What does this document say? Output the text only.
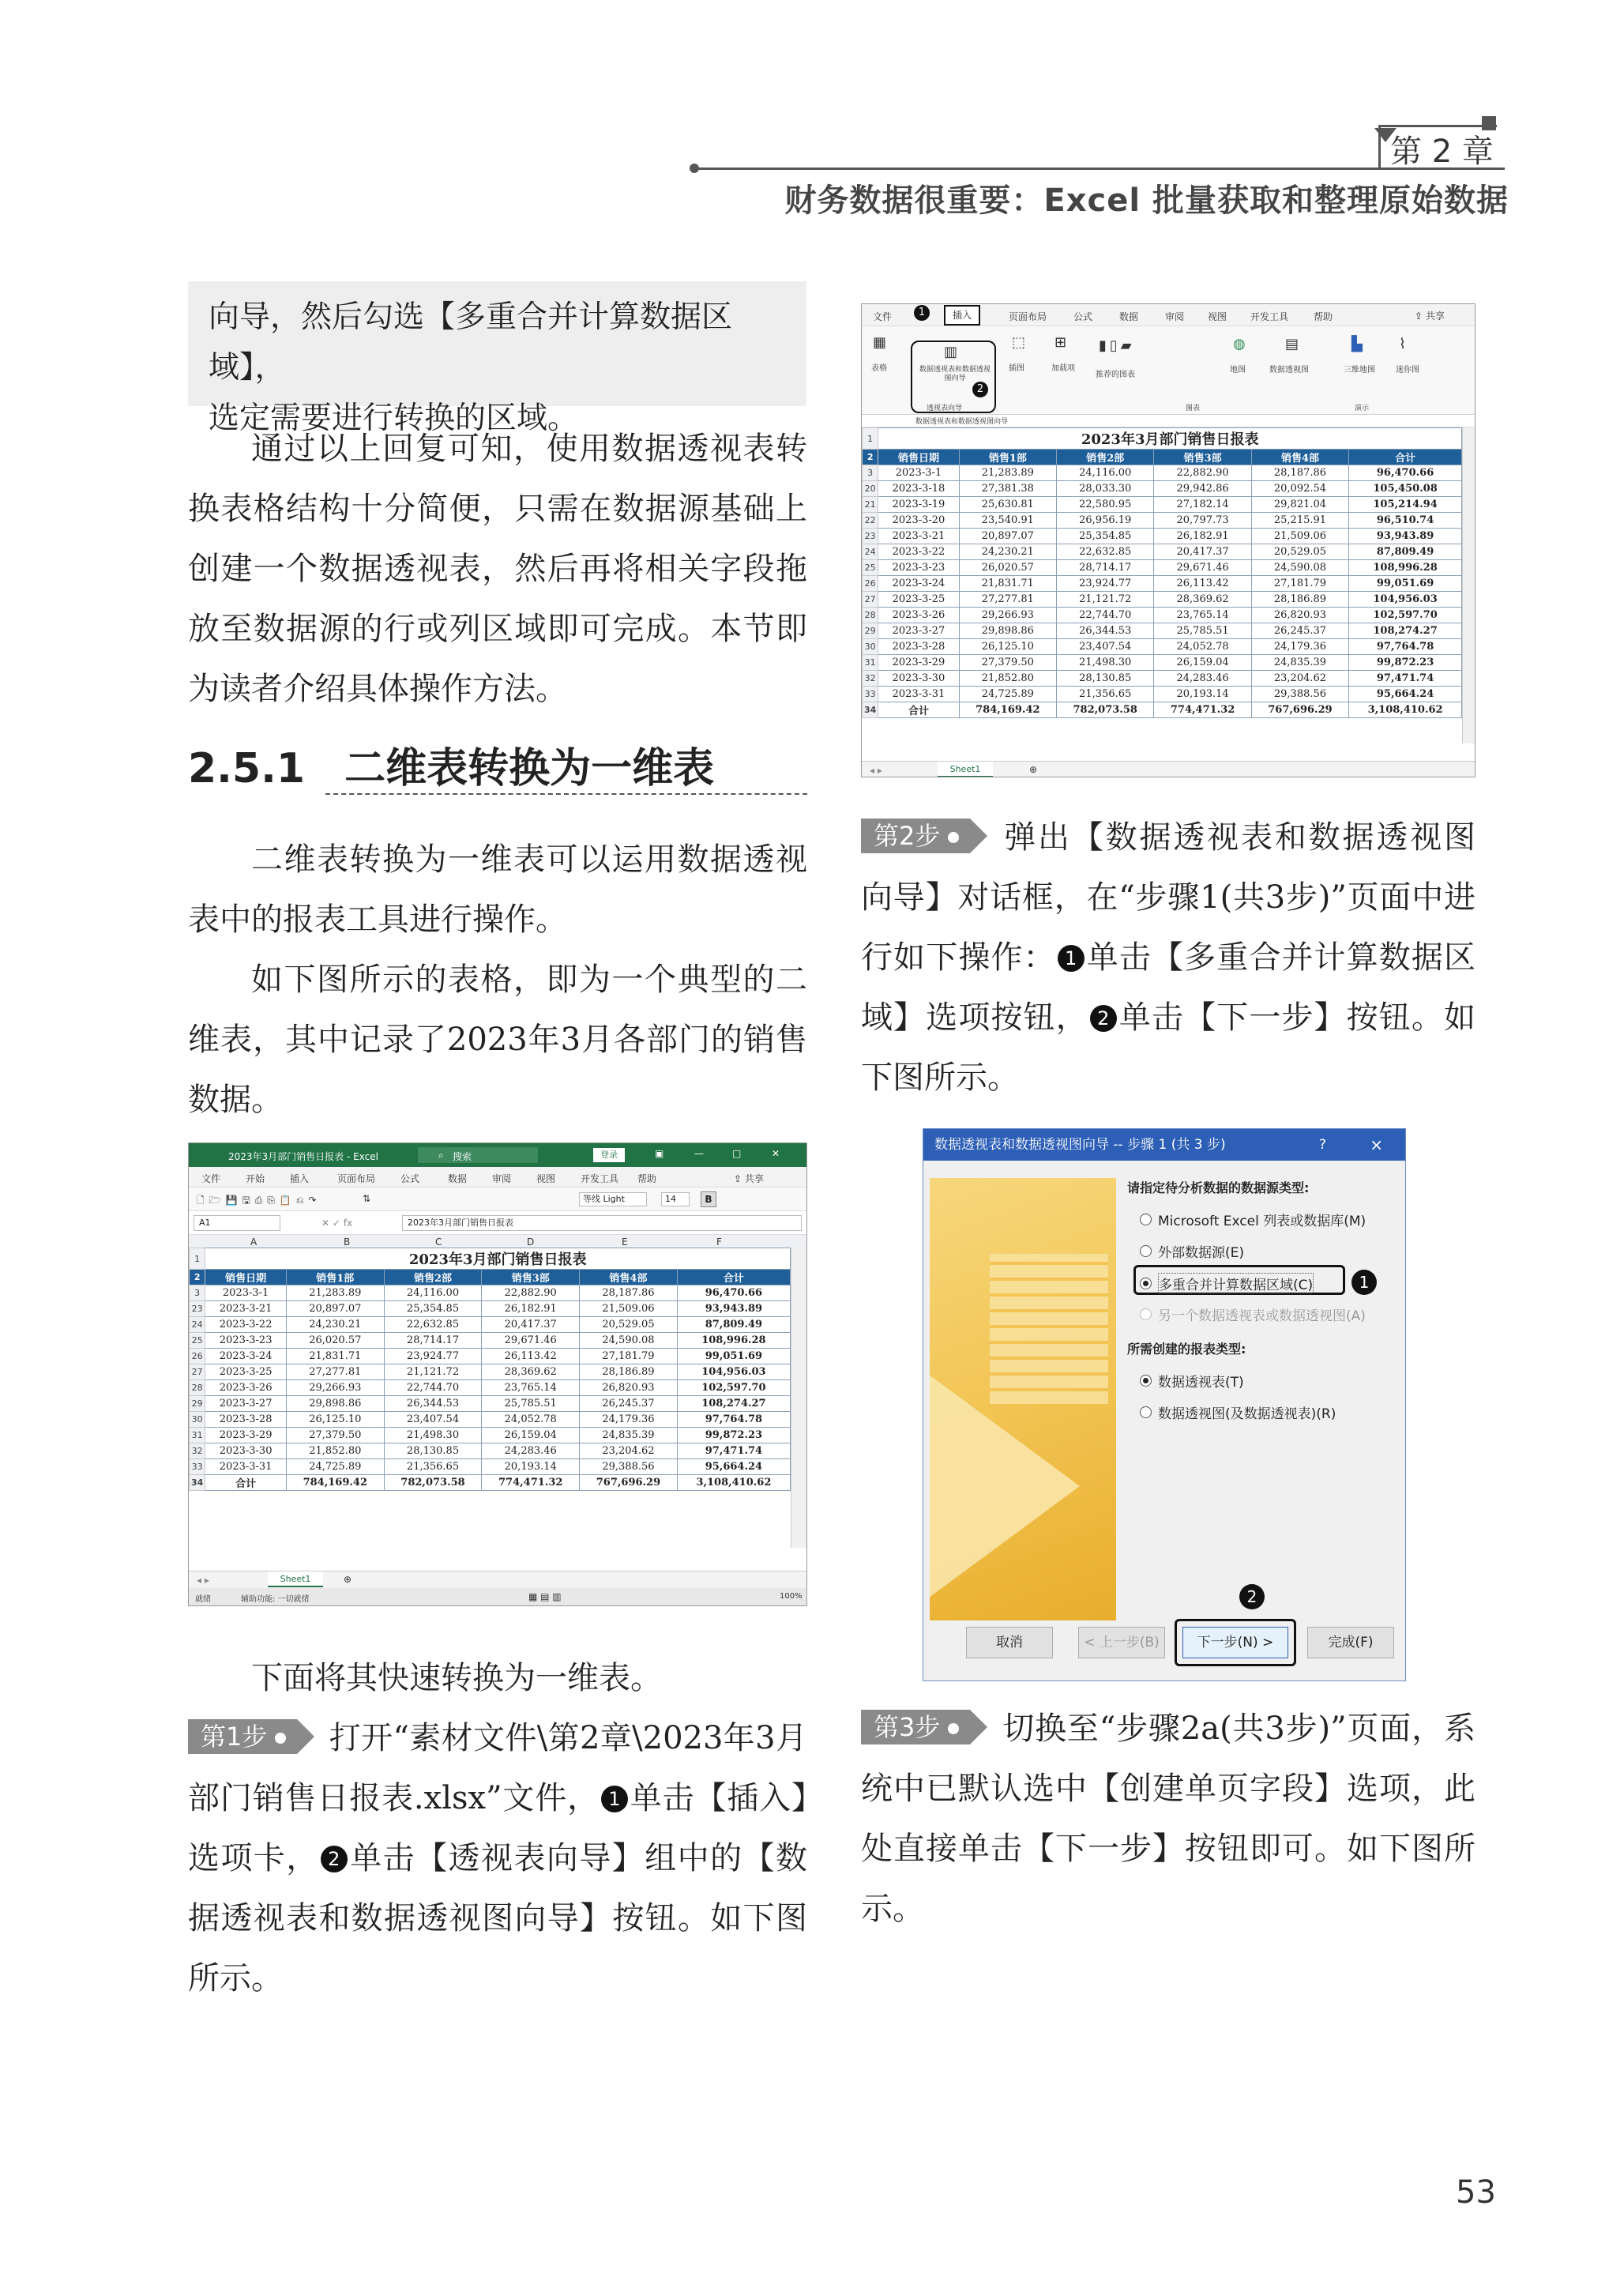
第 2 章
财务数据很重要：Excel 批量获取和整理原始数据
向导，然后勾选【多重合并计算数据区域】，
选定需要进行转换的区域。
通过以上回复可知，使用数据透视表转换表格结构十分简便，只需在数据源基础上创建一个数据透视表，然后再将相关字段拖放至数据源的行或列区域即可完成。本节即为读者介绍具体操作方法。
2.5.1 二维表转换为一维表
二维表转换为一维表可以运用数据透视表中的报表工具进行操作。
如下图所示的表格，即为一个典型的二维表，其中记录了2023年3月各部门的销售数据。
2023年3月部门销售日报表 - Excel	⌕ 搜索	登录	▣	—	□	✕
文件	开始	插入	页面布局	公式	数据	审阅	视图	开发工具 帮助	⇪ 共享
🗋🗁💾🖫⎙⎘📋⎌↷	⇅	等线 Light	14	B
A1	✕ ✓ fx	2023年3月部门销售日报表
A	B	C	D	E	F
1	2023年3月部门销售日报表					
2	销售日期	销售1部	销售2部	销售3部	销售4部	合计
3	2023-3-1	21,283.89	24,116.00	22,882.90	28,187.86	96,470.66
23	2023-3-21	20,897.07	25,354.85	26,182.91	21,509.06	93,943.89
24	2023-3-22	24,230.21	22,632.85	20,417.37	20,529.05	87,809.49
25	2023-3-23	26,020.57	28,714.17	29,671.46	24,590.08	108,996.28
26	2023-3-24	21,831.71	23,924.77	26,113.42	27,181.79	99,051.69
27	2023-3-25	27,277.81	21,121.72	28,369.62	28,186.89	104,956.03
28	2023-3-26	29,266.93	22,744.70	23,765.14	26,820.93	102,597.70
29	2023-3-27	29,898.86	26,344.53	25,785.51	26,245.37	108,274.27
30	2023-3-28	26,125.10	23,407.54	24,052.78	24,179.36	97,764.78
31	2023-3-29	27,379.50	21,498.30	26,159.04	24,835.39	99,872.23
32	2023-3-30	21,852.80	28,130.85	24,283.46	23,204.62	97,471.74
33	2023-3-31	24,725.89	21,356.65	20,193.14	29,388.56	95,664.24
34	合计	784,169.42	782,073.58	774,471.32	767,696.29	3,108,410.62
◂ ▸	Sheet1	⊕
就绪	辅助功能: 一切就绪	▦ ▤ ▥	100%
下面将其快速转换为一维表。
第1步 打开“素材文件\第2章\2023年3月部门销售日报表.xlsx”文件， 1 单击【插入】选项卡， 2 单击【透视表向导】组中的【数据透视表和数据透视图向导】按钮。如下图所示。
文件	1	插入	页面布局	公式	数据	审阅 视图 开发工具	帮助	⇪ 共享
▦
表格
▥
数据透视表和数据透视图向导
透视表向导
2
⬚
插图
⊞
加载项
▮▯▰
推荐的图表
◍
地图
▤
数据透视图
图表
▙
三维地图
演示
⌇
迷你图
数据透视表和数据透视图向导
1	2023年3月部门销售日报表					
2	销售日期	销售1部	销售2部	销售3部	销售4部	合计
3	2023-3-1	21,283.89	24,116.00	22,882.90	28,187.86	96,470.66
20	2023-3-18	27,381.38	28,033.30	29,942.86	20,092.54	105,450.08
21	2023-3-19	25,630.81	22,580.95	27,182.14	29,821.04	105,214.94
22	2023-3-20	23,540.91	26,956.19	20,797.73	25,215.91	96,510.74
23	2023-3-21	20,897.07	25,354.85	26,182.91	21,509.06	93,943.89
24	2023-3-22	24,230.21	22,632.85	20,417.37	20,529.05	87,809.49
25	2023-3-23	26,020.57	28,714.17	29,671.46	24,590.08	108,996.28
26	2023-3-24	21,831.71	23,924.77	26,113.42	27,181.79	99,051.69
27	2023-3-25	27,277.81	21,121.72	28,369.62	28,186.89	104,956.03
28	2023-3-26	29,266.93	22,744.70	23,765.14	26,820.93	102,597.70
29	2023-3-27	29,898.86	26,344.53	25,785.51	26,245.37	108,274.27
30	2023-3-28	26,125.10	23,407.54	24,052.78	24,179.36	97,764.78
31	2023-3-29	27,379.50	21,498.30	26,159.04	24,835.39	99,872.23
32	2023-3-30	21,852.80	28,130.85	24,283.46	23,204.62	97,471.74
33	2023-3-31	24,725.89	21,356.65	20,193.14	29,388.56	95,664.24
34	合计	784,169.42	782,073.58	774,471.32	767,696.29	3,108,410.62
◂ ▸	Sheet1	⊕
第2步 弹出【数据透视表和数据透视图向导】对话框，在“步骤1(共3步)”页面中进行如下操作： 1 单击【多重合并计算数据区域】选项按钮， 2 单击【下一步】按钮。如下图所示。
数据透视表和数据透视图向导 -- 步骤 1 (共 3 步)	?	×
请指定待分析数据的数据源类型:
Microsoft Excel 列表或数据库(M)
外部数据源(E)
多重合并计算数据区域(C)	1
另一个数据透视表或数据透视图(A)
所需创建的报表类型:
数据透视表(T)
数据透视图(及数据透视表)(R)
2
取消	< 上一步(B)	下一步(N) >	完成(F)
第3步 切换至“步骤2a(共3步)”页面，系统中已默认选中【创建单页字段】选项，此处直接单击【下一步】按钮即可。如下图所示。
53
